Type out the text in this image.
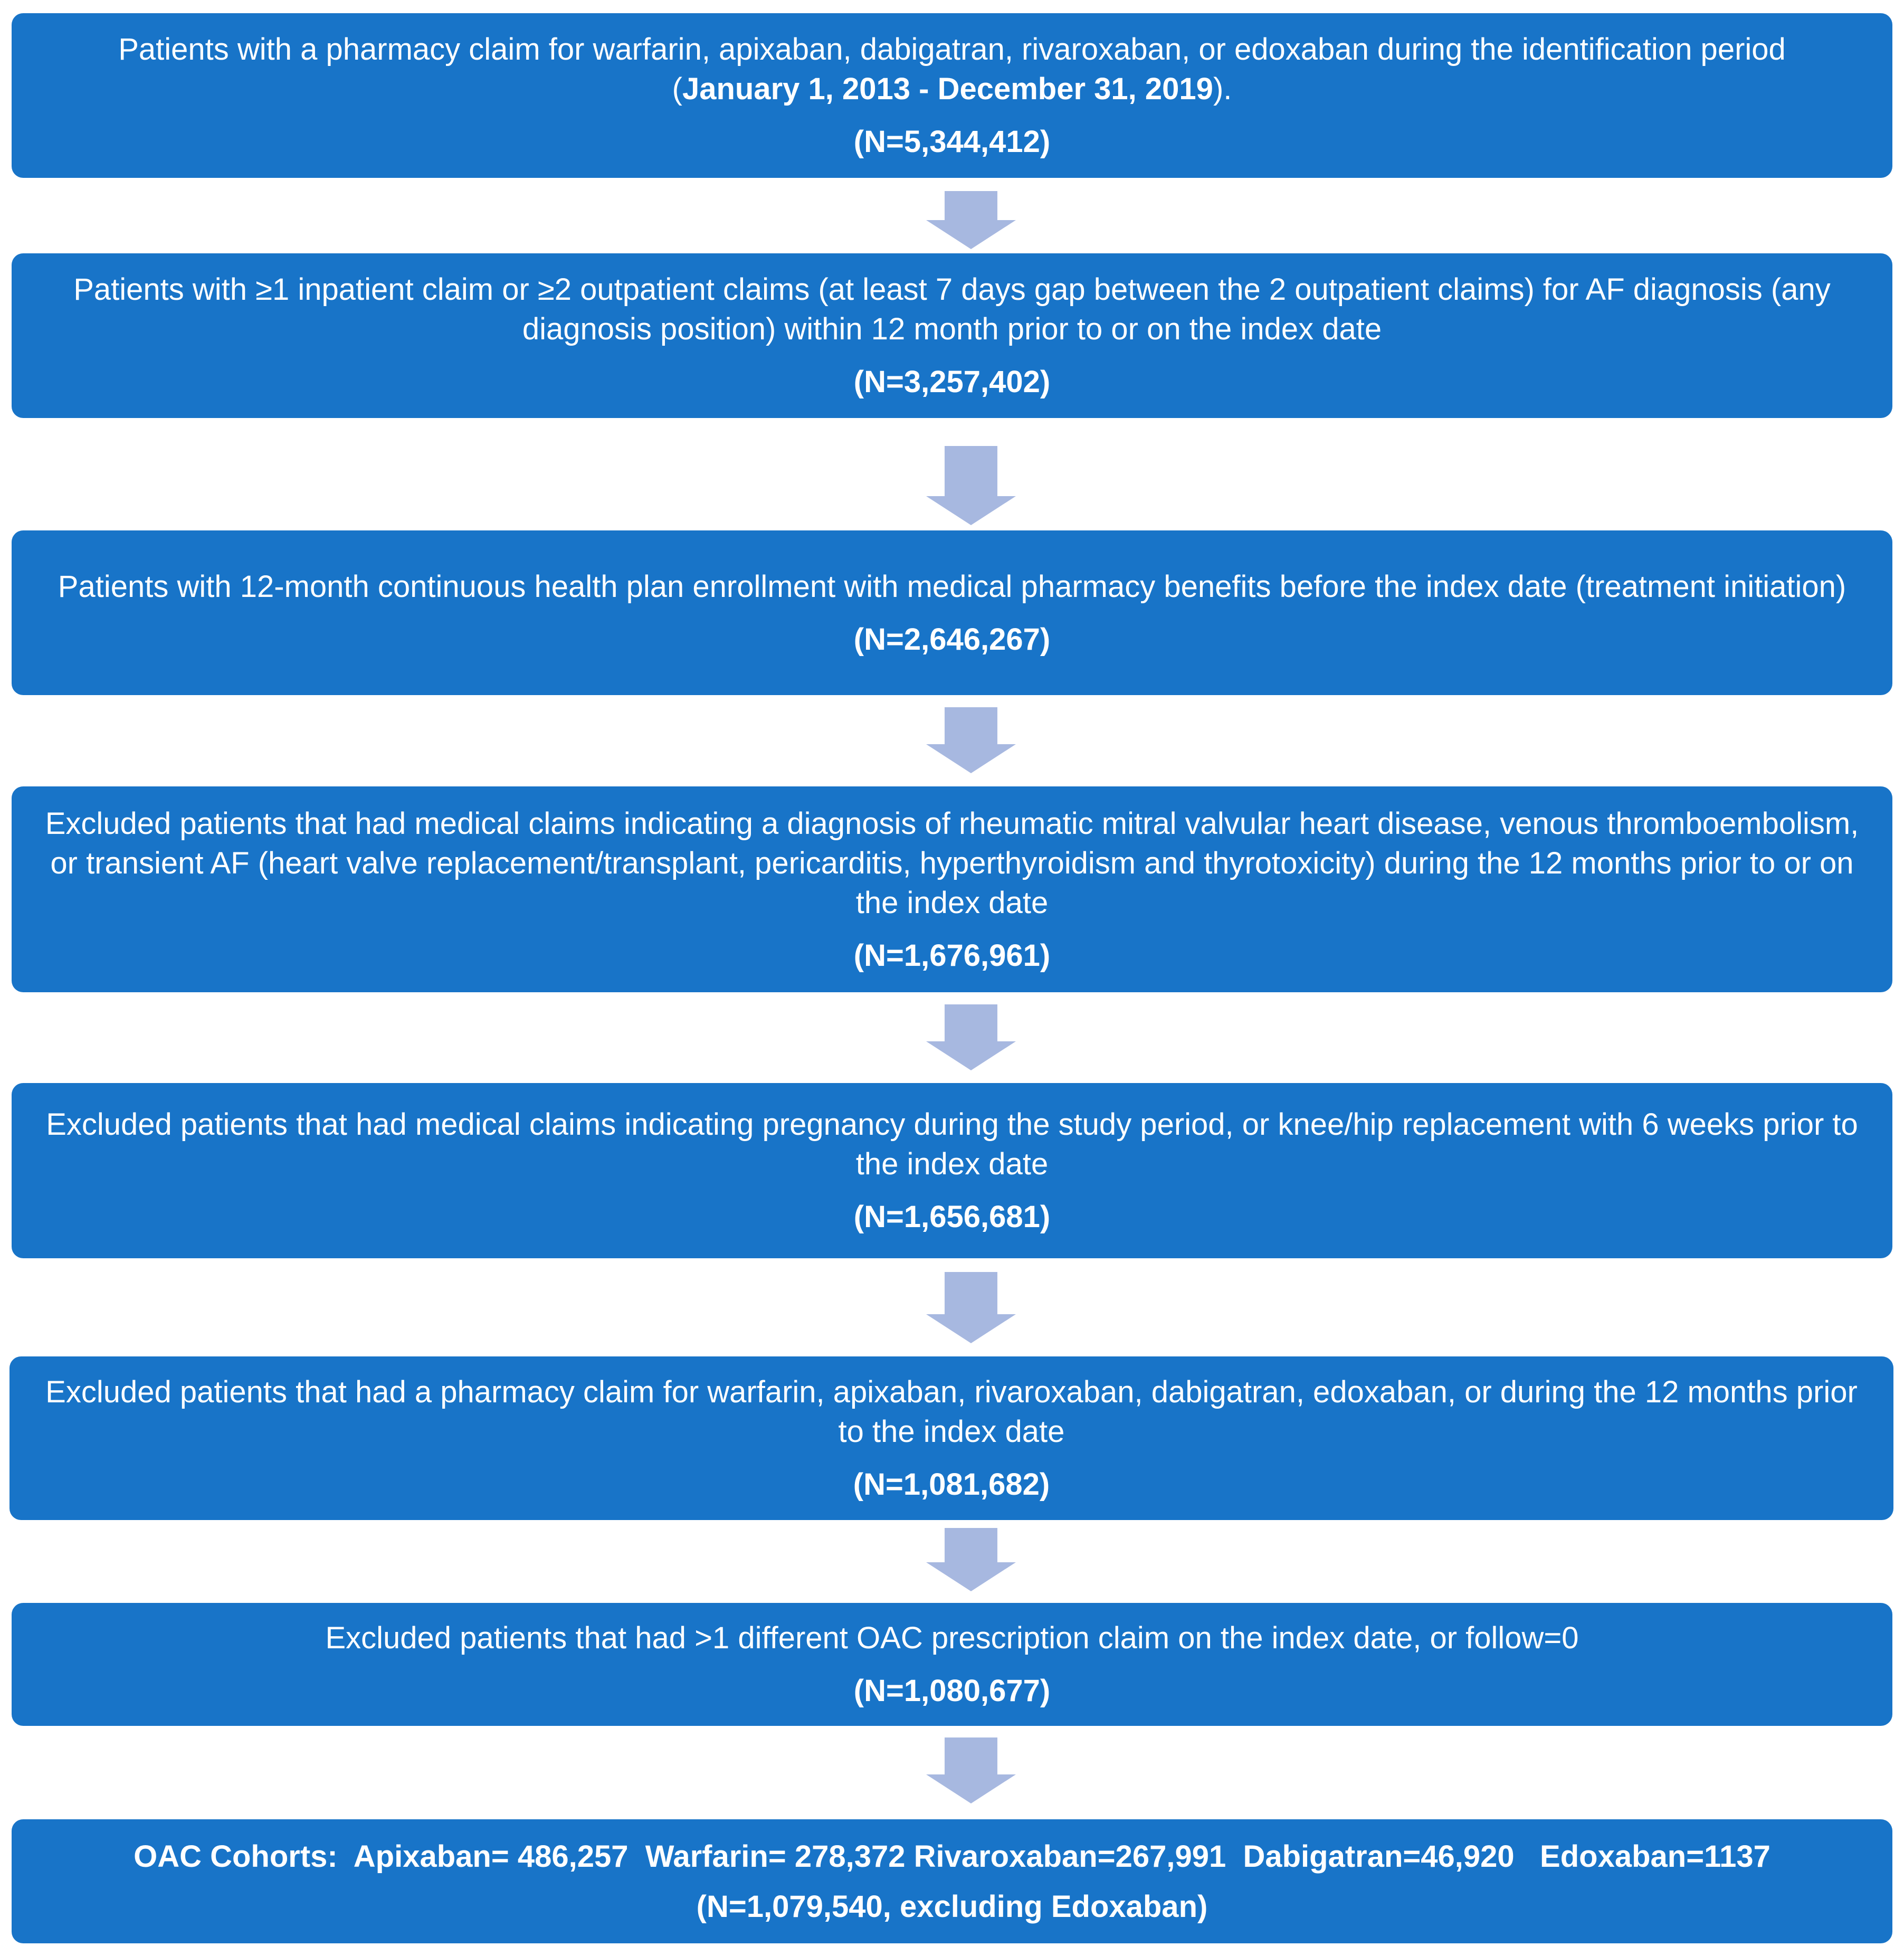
Patients with a pharmacy claim for warfarin, apixaban, dabigatran, rivaroxaban, or edoxaban during the identification period
(January 1, 2013 - December 31, 2019).
(N=5,344,412)
Patients with ≥1 inpatient claim or ≥2 outpatient claims (at least 7 days gap between the 2 outpatient claims) for AF diagnosis (any diagnosis position) within 12 month prior to or on the index date
(N=3,257,402)
Patients with 12-month continuous health plan enrollment with medical pharmacy benefits before the index date (treatment initiation)
(N=2,646,267)
Excluded patients that had medical claims indicating a diagnosis of rheumatic mitral valvular heart disease, venous thromboembolism, or transient AF (heart valve replacement/transplant, pericarditis, hyperthyroidism and thyrotoxicity) during the 12 months prior to or on the index date
(N=1,676,961)
Excluded patients that had medical claims indicating pregnancy during the study period, or knee/hip replacement with 6 weeks prior to the index date
(N=1,656,681)
Excluded patients that had a pharmacy claim for warfarin, apixaban, rivaroxaban, dabigatran, edoxaban, or during the 12 months prior to the index date
(N=1,081,682)
Excluded patients that had >1 different OAC prescription claim on the index date, or follow=0
(N=1,080,677)
OAC Cohorts:  Apixaban= 486,257  Warfarin= 278,372 Rivaroxaban=267,991  Dabigatran=46,920   Edoxaban=1137
(N=1,079,540, excluding Edoxaban)
